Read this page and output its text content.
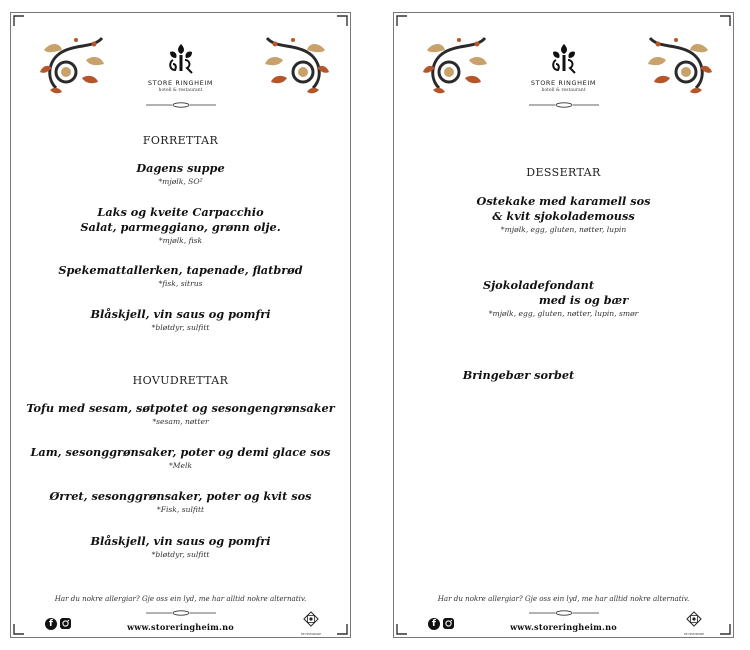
STORE RINGHEIM
hotell & restaurant
FORRETTAR
Dagens suppe
*mjølk, SO²
Laks og kveite Carpacchio
Salat, parmeggiano, grønn olje.
*mjølk, fisk
Spekemattallerken, tapenade, flatbrød
*fisk, sitrus
Blåskjell, vin saus og pomfri
*bløtdyr, sulfitt
HOVUDRETTAR
Tofu med sesam, søtpotet og sesongengrønsaker
*sesam, nøtter
Lam, sesonggrønsaker, poter og demi glace sos
*Melk
Ørret, sesonggrønsaker, poter og kvit sos
*Fisk, sulfitt
Blåskjell, vin saus og pomfri
*bløtdyr, sulfitt
Har du nokre allergiar? Gje oss ein lyd, me har alltid nokre alternativ.
www.storeringheim.no
f
DE HISTORISKE
STORE RINGHEIM
hotell & restaurant
DESSERTAR
Ostekake med karamell sos
& kvit sjokolademouss
*mjølk, egg, gluten, nøtter, lupin
Sjokoladefondant
med is og bær
*mjølk, egg, gluten, nøtter, lupin, smør
Bringebær sorbet
Har du nokre allergiar? Gje oss ein lyd, me har alltid nokre alternativ.
www.storeringheim.no
f
DE HISTORISKE
